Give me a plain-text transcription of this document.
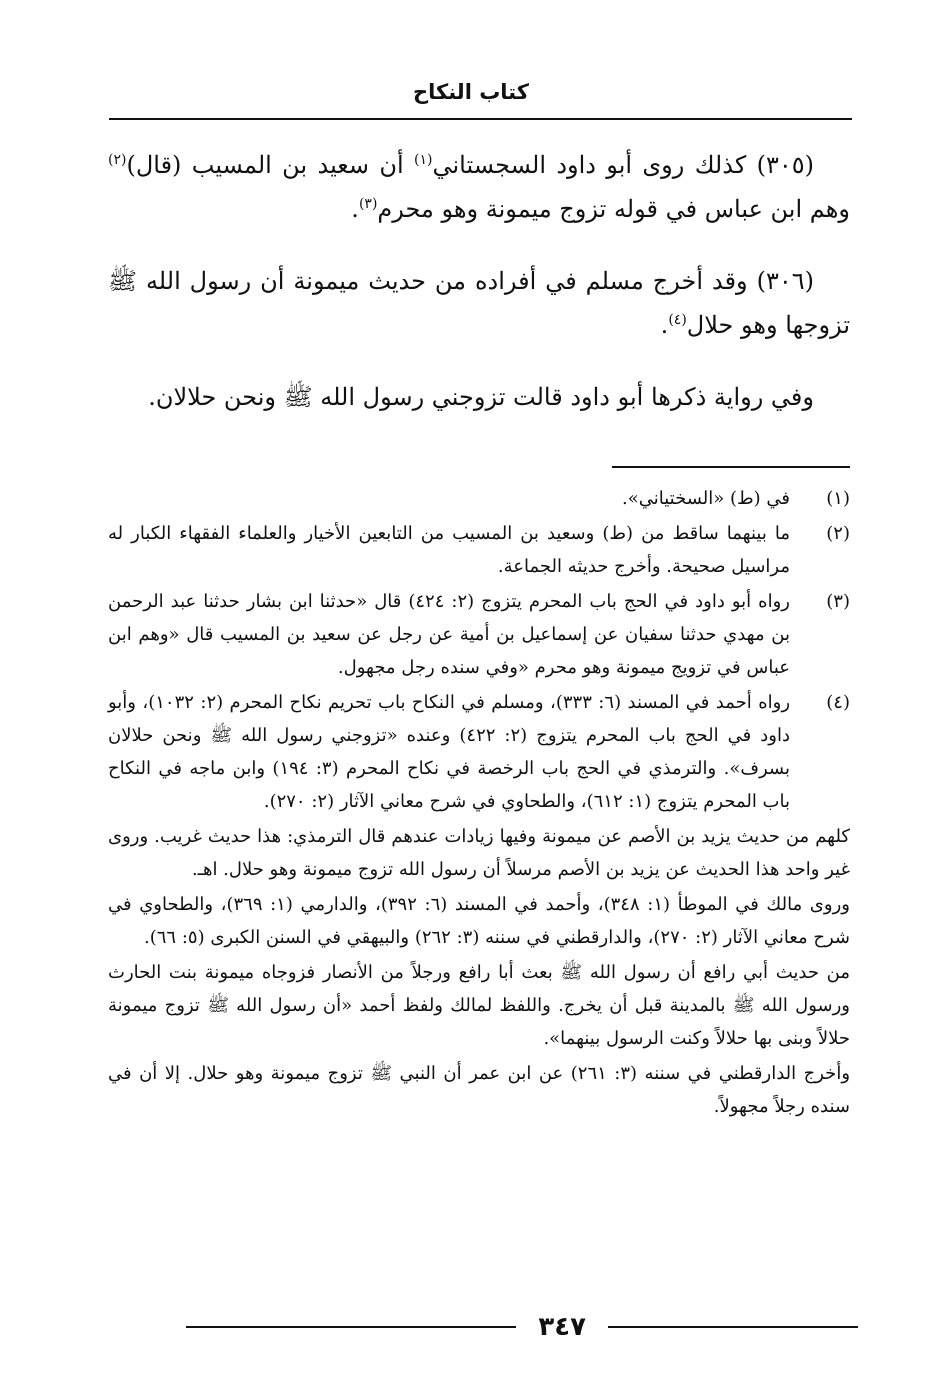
كتاب النكاح

(٣٠٥) كذلك روى أبو داود السجستاني$^{(١)}$ أن سعيد بن المسيب (قال)$^{(٢)}$ وهم ابن عباس في قوله تزوج ميمونة وهو محرم$^{(٣)}$.

(٣٠٦) وقد أخرج مسلم في أفراده من حديث ميمونة أن رسول الله ﷺ تزوجها وهو حلال$^{(٤)}$.

وفي رواية ذكرها أبو داود قالت تزوجني رسول الله ﷺ ونحن حلالان.

(١)
في (ط) «السختياني».
(٢)
ما بينهما ساقط من (ط) وسعيد بن المسيب من التابعين الأخيار والعلماء الفقهاء الكبار له مراسيل صحيحة. وأخرج حديثه الجماعة.
(٣)
رواه أبو داود في الحج باب المحرم يتزوج (٢: ٤٢٤) قال «حدثنا ابن بشار حدثنا عبد الرحمن بن مهدي حدثنا سفيان عن إسماعيل بن أمية عن رجل عن سعيد بن المسيب قال «وهم ابن عباس في تزويج ميمونة وهو محرم «وفي سنده رجل مجهول.
(٤)
رواه أحمد في المسند (٦: ٣٣٣)، ومسلم في النكاح باب تحريم نكاح المحرم (٢: ١٠٣٢)، وأبو داود في الحج باب المحرم يتزوج (٢: ٤٢٢) وعنده «تزوجني رسول الله ﷺ ونحن حلالان بسرف». والترمذي في الحج باب الرخصة في نكاح المحرم (٣: ١٩٤) وابن ماجه في النكاح باب المحرم يتزوج (١: ٦١٢)، والطحاوي في شرح معاني الآثار (٢: ٢٧٠).
كلهم من حديث يزيد بن الأصم عن ميمونة وفيها زيادات عندهم قال الترمذي: هذا حديث غريب. وروى غير واحد هذا الحديث عن يزيد بن الأصم مرسلاً أن رسول الله تزوج ميمونة وهو حلال. اهـ.
وروى مالك في الموطأ (١: ٣٤٨)، وأحمد في المسند (٦: ٣٩٢)، والدارمي (١: ٣٦٩)، والطحاوي في شرح معاني الآثار (٢: ٢٧٠)، والدارقطني في سننه (٣: ٢٦٢) والبيهقي في السنن الكبرى (٥: ٦٦).
من حديث أبي رافع أن رسول الله ﷺ بعث أبا رافع ورجلاً من الأنصار فزوجاه ميمونة بنت الحارث ورسول الله ﷺ بالمدينة قبل أن يخرج. واللفظ لمالك ولفظ أحمد «أن رسول الله ﷺ تزوج ميمونة حلالاً وبنى بها حلالاً وكنت الرسول بينهما».
وأخرج الدارقطني في سننه (٣: ٢٦١) عن ابن عمر أن النبي ﷺ تزوج ميمونة وهو حلال. إلا أن في سنده رجلاً مجهولاً.
٣٤٧
